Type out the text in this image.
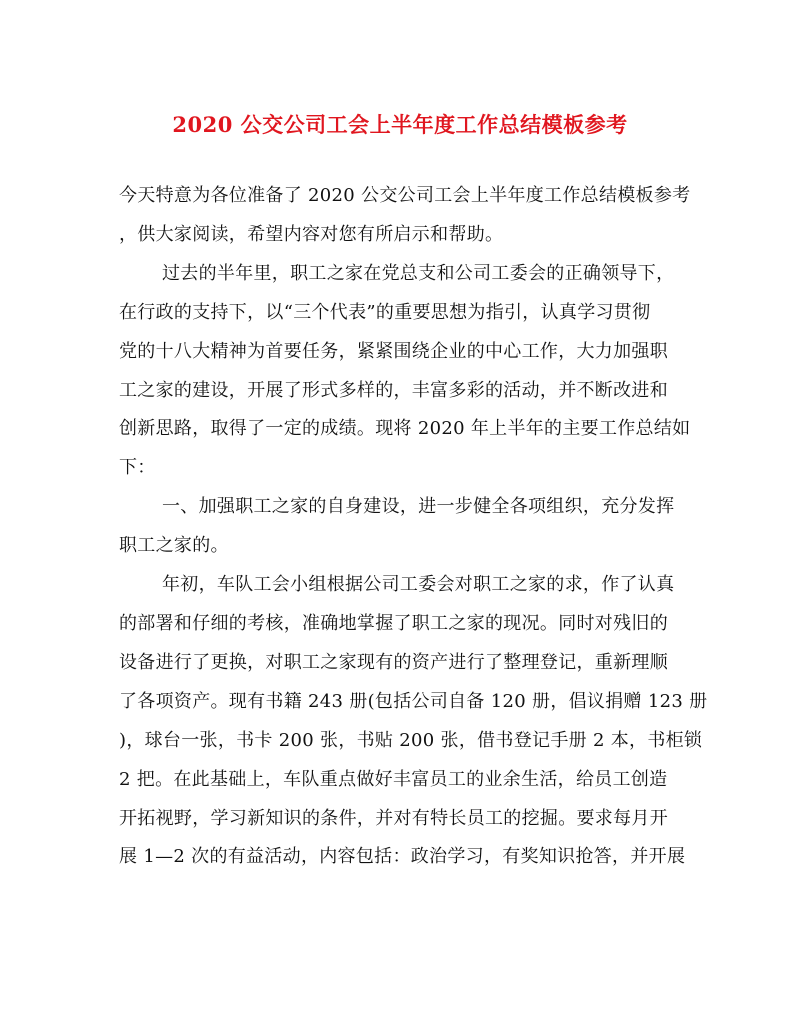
2020 公交公司工会上半年度工作总结模板参考
今天特意为各位准备了 2020 公交公司工会上半年度工作总结模板参考
，供大家阅读，希望内容对您有所启示和帮助。
过去的半年里，职工之家在党总支和公司工委会的正确领导下，
在行政的支持下，以“三个代表”的重要思想为指引，认真学习贯彻
党的十八大精神为首要任务，紧紧围绕企业的中心工作，大力加强职
工之家的建设，开展了形式多样的，丰富多彩的活动，并不断改进和
创新思路，取得了一定的成绩。现将 2020 年上半年的主要工作总结如
下：
一、加强职工之家的自身建设，进一步健全各项组织，充分发挥
职工之家的。
年初，车队工会小组根据公司工委会对职工之家的求，作了认真
的部署和仔细的考核，准确地掌握了职工之家的现况。同时对残旧的
设备进行了更换，对职工之家现有的资产进行了整理登记，重新理顺
了各项资产。现有书籍 243 册(包括公司自备 120 册，倡议捐赠 123 册
)，球台一张，书卡 200 张，书贴 200 张，借书登记手册 2 本，书柜锁
2 把。在此基础上，车队重点做好丰富员工的业余生活，给员工创造
开拓视野，学习新知识的条件，并对有特长员工的挖掘。要求每月开
展 1—2 次的有益活动，内容包括：政治学习，有奖知识抢答，并开展
